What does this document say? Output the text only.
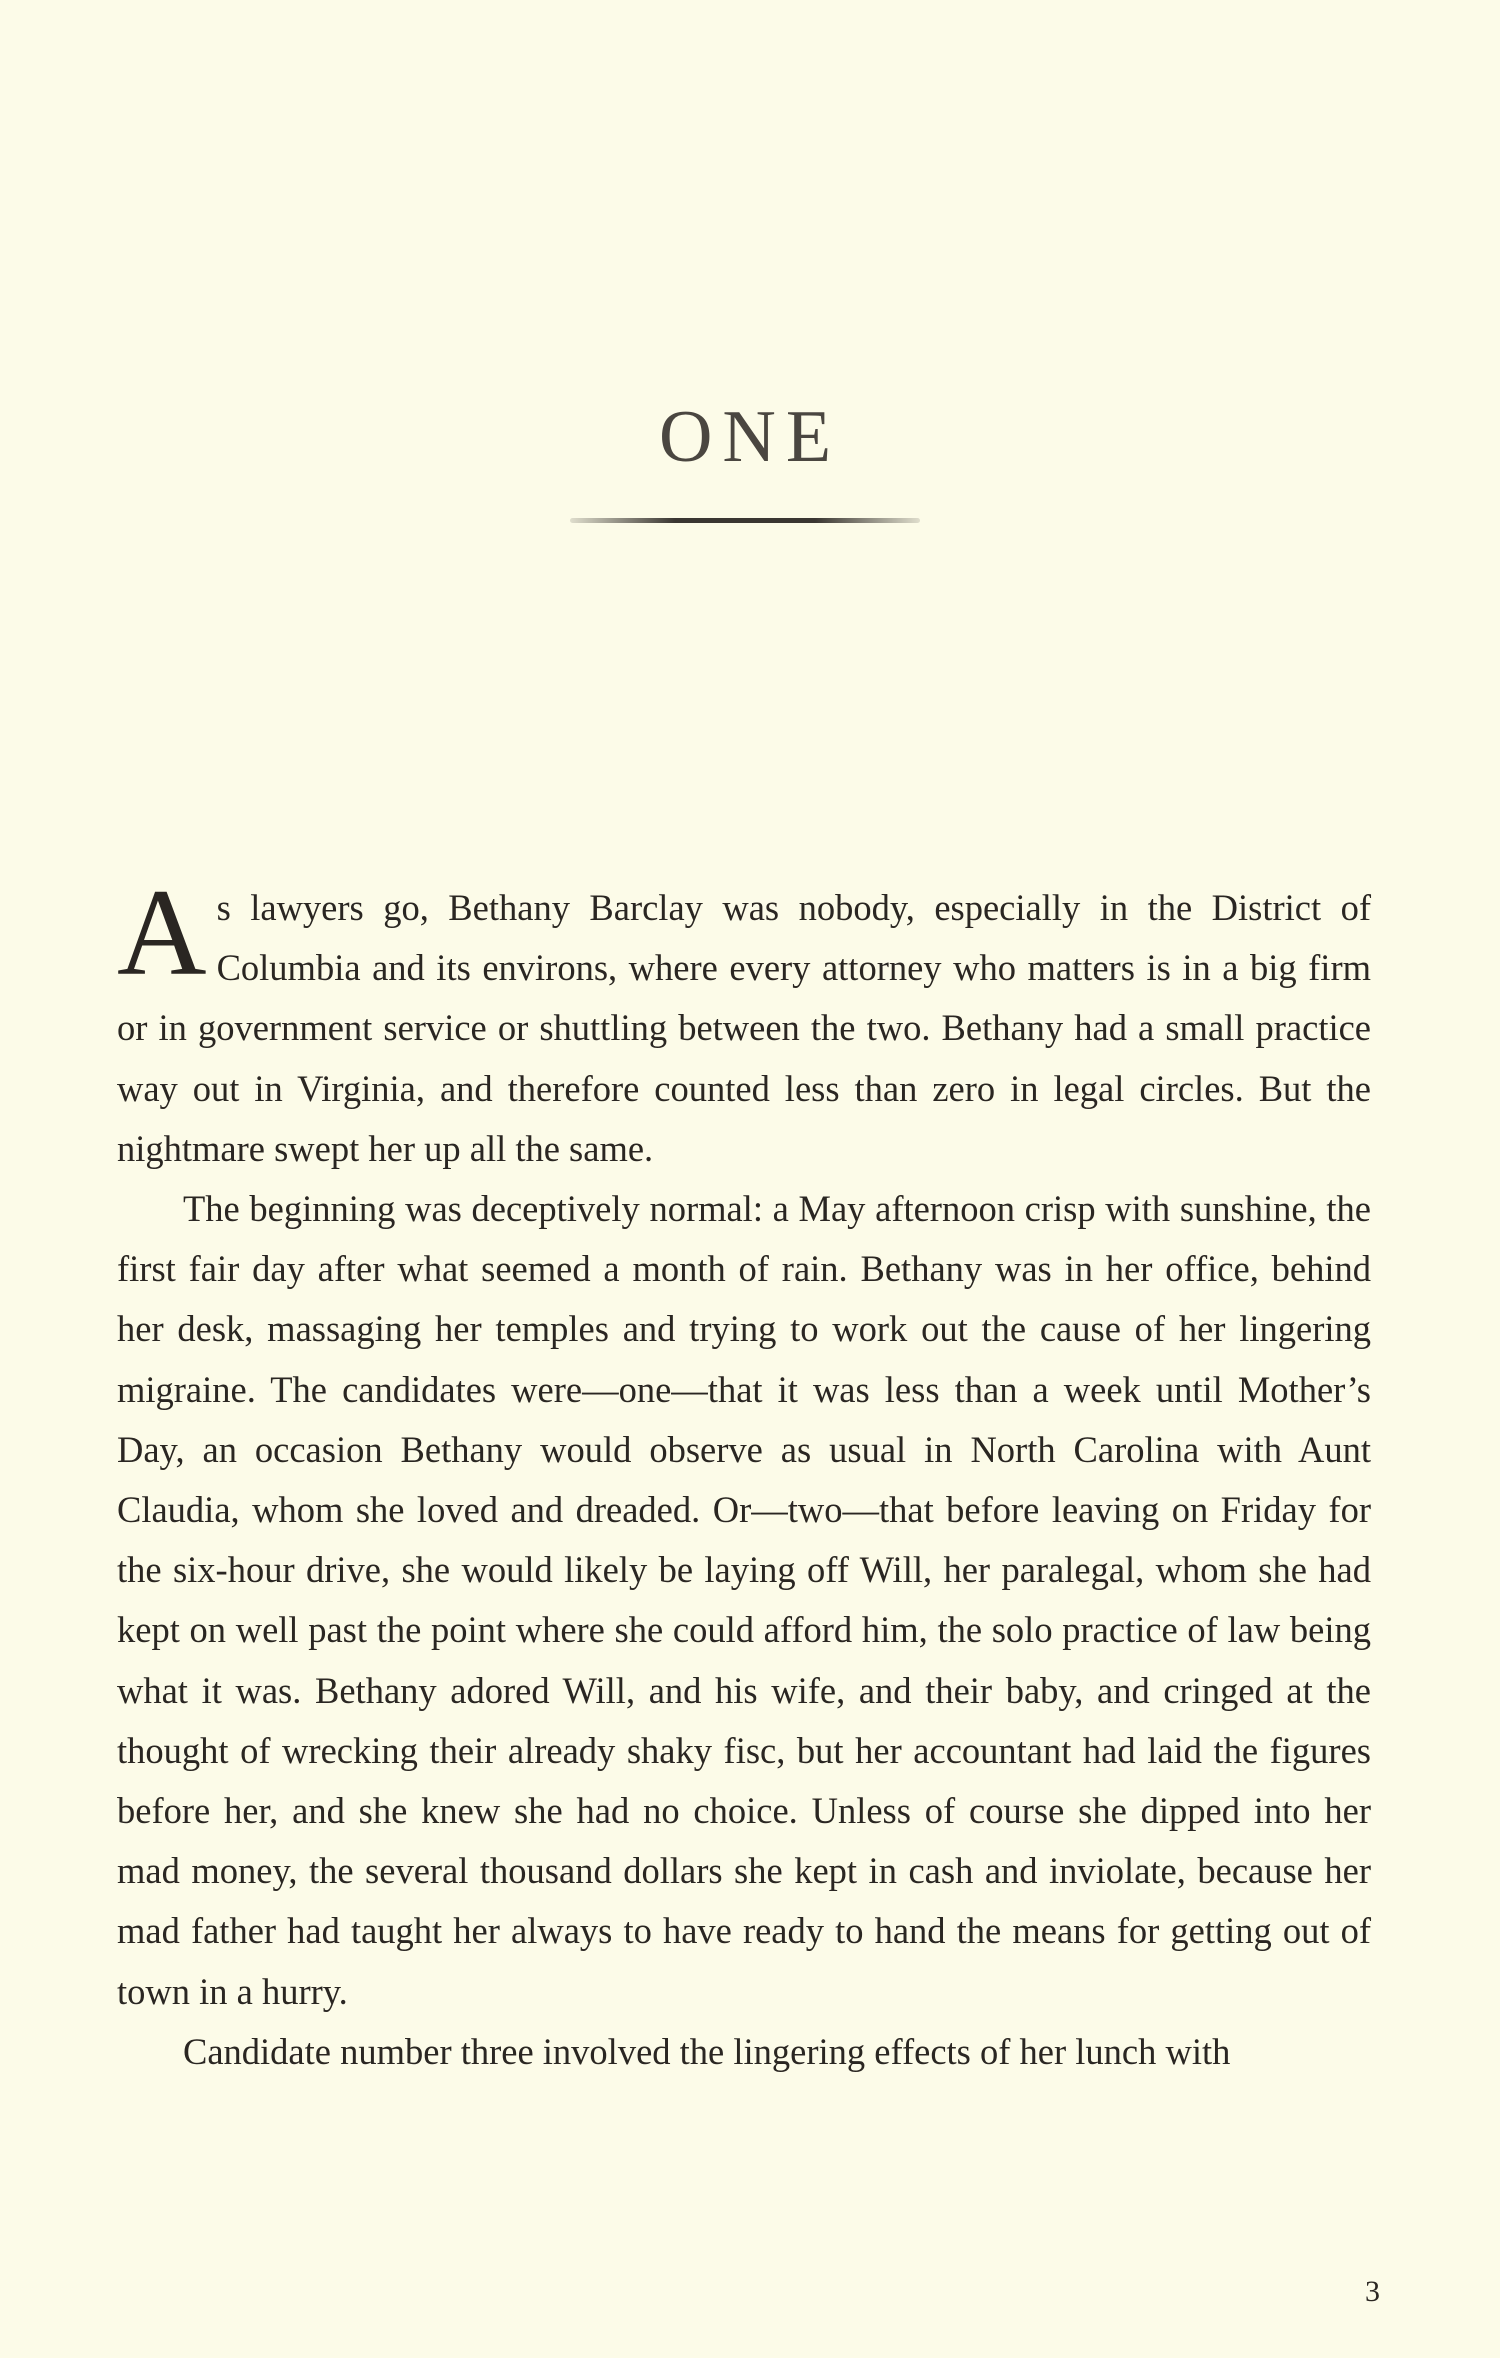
ONE

As lawyers go, Bethany Barclay was nobody, especially in the District of Columbia and its environs, where every attorney who matters is in a big firm or in government service or shuttling between the two. Bethany had a small practice way out in Virginia, and therefore counted less than zero in legal circles. But the nightmare swept her up all the same.

The beginning was deceptively normal: a May afternoon crisp with sunshine, the first fair day after what seemed a month of rain. Bethany was in her office, behind her desk, massaging her temples and trying to work out the cause of her lingering migraine. The candidates were—one—that it was less than a week until Mother’s Day, an occasion Bethany would observe as usual in North Carolina with Aunt Claudia, whom she loved and dreaded. Or—two—that before leaving on Friday for the six-hour drive, she would likely be laying off Will, her paralegal, whom she had kept on well past the point where she could afford him, the solo practice of law being what it was. Bethany adored Will, and his wife, and their baby, and cringed at the thought of wrecking their already shaky fisc, but her accountant had laid the figures before her, and she knew she had no choice. Unless of course she dipped into her mad money, the several thousand dollars she kept in cash and inviolate, because her mad father had taught her always to have ready to hand the means for getting out of town in a hurry.

Candidate number three involved the lingering effects of her lunch with

3
